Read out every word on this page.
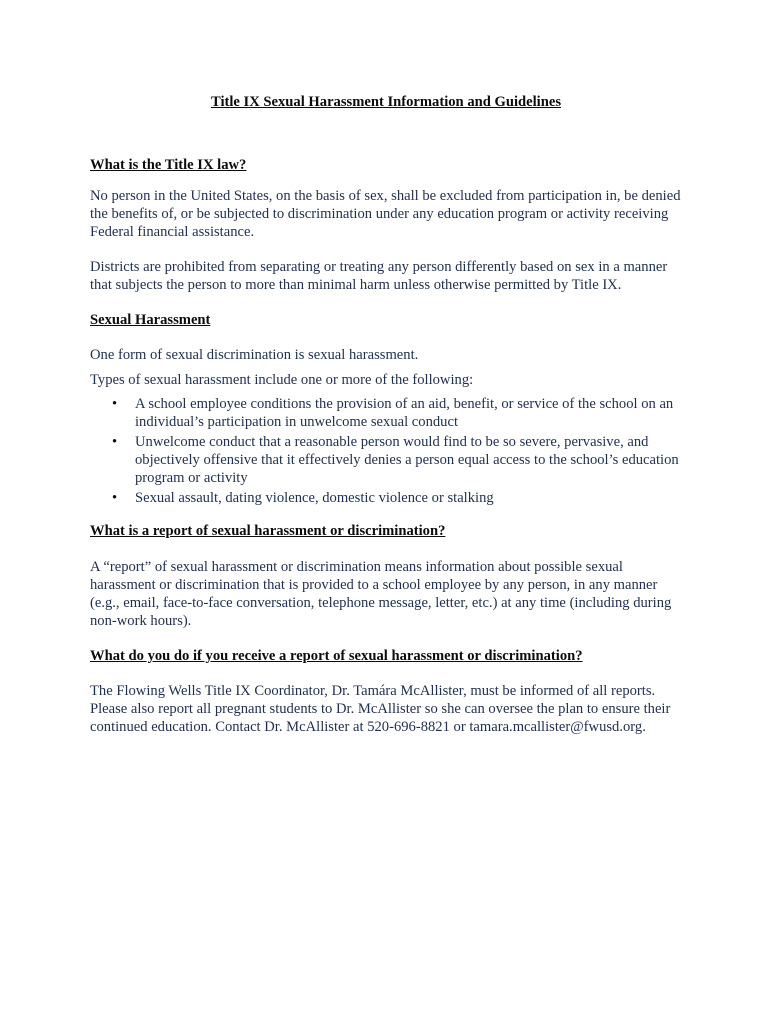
Title IX Sexual Harassment Information and Guidelines

What is the Title IX law?

No person in the United States, on the basis of sex, shall be excluded from participation in, be denied the benefits of, or be subjected to discrimination under any education program or activity receiving Federal financial assistance.

Districts are prohibited from separating or treating any person differently based on sex in a manner that subjects the person to more than minimal harm unless otherwise permitted by Title IX.

Sexual Harassment

One form of sexual discrimination is sexual harassment.

Types of sexual harassment include one or more of the following:

• A school employee conditions the provision of an aid, benefit, or service of the school on an individual’s participation in unwelcome sexual conduct
• Unwelcome conduct that a reasonable person would find to be so severe, pervasive, and objectively offensive that it effectively denies a person equal access to the school’s education program or activity
• Sexual assault, dating violence, domestic violence or stalking

What is a report of sexual harassment or discrimination?

A “report” of sexual harassment or discrimination means information about possible sexual harassment or discrimination that is provided to a school employee by any person, in any manner (e.g., email, face-to-face conversation, telephone message, letter, etc.) at any time (including during non-work hours).

What do you do if you receive a report of sexual harassment or discrimination?

The Flowing Wells Title IX Coordinator, Dr. Tamára McAllister, must be informed of all reports. Please also report all pregnant students to Dr. McAllister so she can oversee the plan to ensure their continued education. Contact Dr. McAllister at 520-696-8821 or tamara.mcallister@fwusd.org.
